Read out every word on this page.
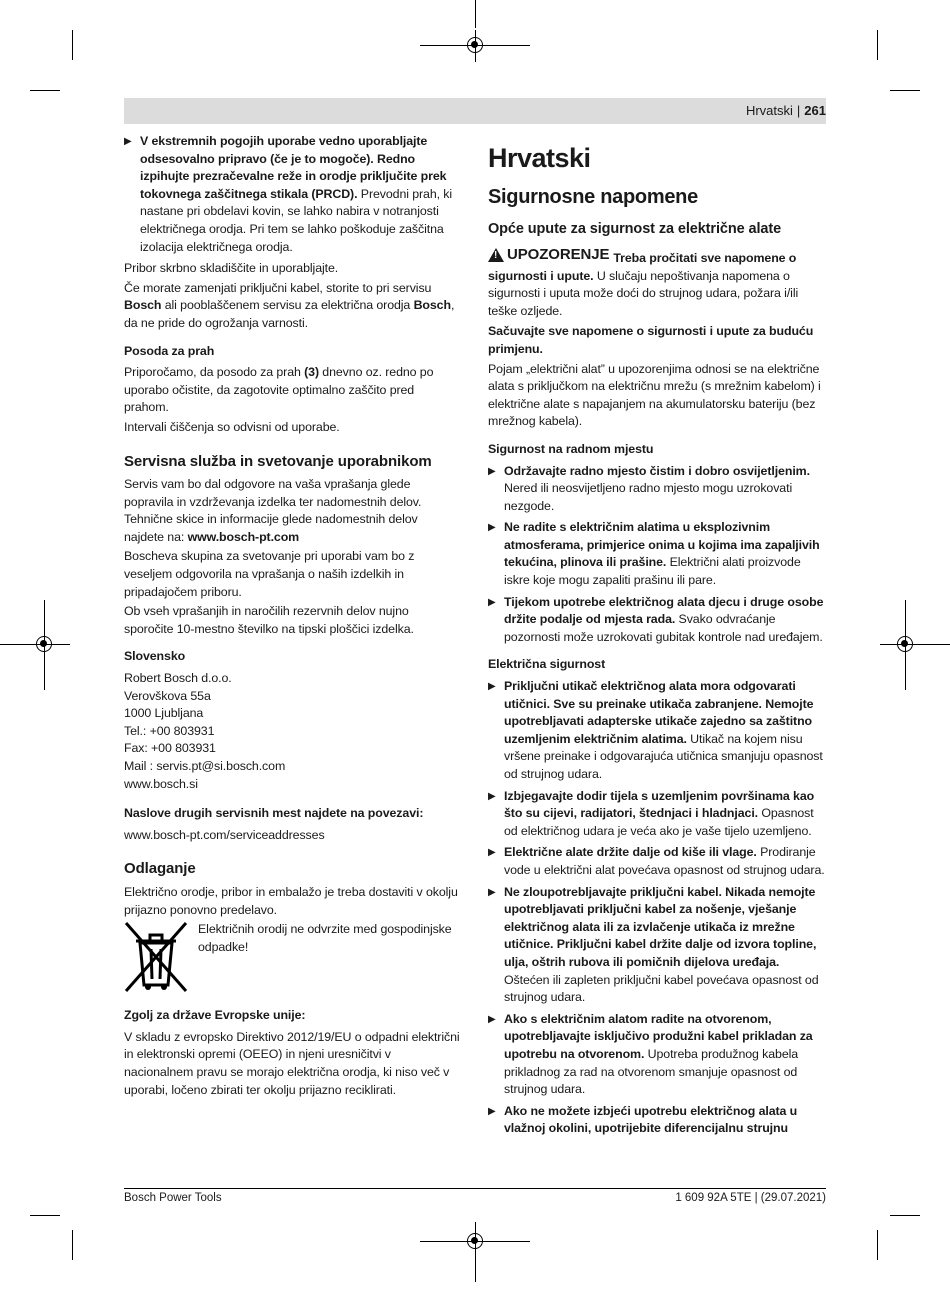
Hrvatski | 261
▶ V ekstremnih pogojih uporabe vedno uporabljajte odsesovalno pripravo (če je to mogoče). Redno izpihujte prezračevalne reže in orodje priključite prek tokovnega zaščitnega stikala (PRCD). Prevodni prah, ki nastane pri obdelavi kovin, se lahko nabira v notranjosti električnega orodja. Pri tem se lahko poškoduje zaščitna izolacija električnega orodja.

Pribor skrbno skladiščite in uporabljajte.

Če morate zamenjati priključni kabel, storite to pri servisu Bosch ali pooblaščenem servisu za električna orodja Bosch, da ne pride do ogrožanja varnosti.

Posoda za prah

Priporočamo, da posodo za prah (3) dnevno oz. redno po uporabo očistite, da zagotovite optimalno zaščito pred prahom.

Intervali čiščenja so odvisni od uporabe.

Servisna služba in svetovanje uporabnikom

Servis vam bo dal odgovore na vaša vprašanja glede popravila in vzdrževanja izdelka ter nadomestnih delov. Tehnične skice in informacije glede nadomestnih delov najdete na: www.bosch-pt.com

Boscheva skupina za svetovanje pri uporabi vam bo z veseljem odgovorila na vprašanja o naših izdelkih in pripadajočem priboru.

Ob vseh vprašanjih in naročilih rezervnih delov nujno sporočite 10-mestno številko na tipski ploščici izdelka.

Slovensko

Robert Bosch d.o.o.

Verovškova 55a

1000 Ljubljana

Tel.: +00 803931

Fax: +00 803931

Mail : servis.pt@si.bosch.com

www.bosch.si

Naslove drugih servisnih mest najdete na povezavi:

www.bosch-pt.com/serviceaddresses

Odlaganje

Električno orodje, pribor in embalažo je treba dostaviti v okolju prijazno ponovno predelavo.

Električnih orodij ne odvrzite med gospodinjske odpadke!

Zgolj za države Evropske unije:

V skladu z evropsko Direktivo 2012/19/EU o odpadni električni in elektronski opremi (OEEO) in njeni uresničitvi v nacionalnem pravu se morajo električna orodja, ki niso več v uporabi, ločeno zbirati ter okolju prijazno reciklirati.

Hrvatski
Sigurnosne napomene
Opće upute za sigurnost za električne alate
!
UPOZORENJE Treba pročitati sve napomene o sigurnosti i upute. U slučaju nepoštivanja napomena o sigurnosti i uputa može doći do strujnog udara, požara i/ili teške ozljede.

Sačuvajte sve napomene o sigurnosti i upute za buduću primjenu.

Pojam „električni alat” u upozorenjima odnosi se na električne alata s priključkom na električnu mrežu (s mrežnim kabelom) i električne alate s napajanjem na akumulatorsku bateriju (bez mrežnog kabela).

Sigurnost na radnom mjestu
▶ Održavajte radno mjesto čistim i dobro osvijetljenim. Nered ili neosvijetljeno radno mjesto mogu uzrokovati nezgode.
▶ Ne radite s električnim alatima u eksplozivnim atmosferama, primjerice onima u kojima ima zapaljivih tekućina, plinova ili prašine. Električni alati proizvode iskre koje mogu zapaliti prašinu ili pare.
▶ Tijekom upotrebe električnog alata djecu i druge osobe držite podalje od mjesta rada. Svako odvraćanje pozornosti može uzrokovati gubitak kontrole nad uređajem.
Električna sigurnost
▶ Priključni utikač električnog alata mora odgovarati utičnici. Sve su preinake utikača zabranjene. Nemojte upotrebljavati adapterske utikače zajedno sa zaštitno uzemljenim električnim alatima. Utikač na kojem nisu vršene preinake i odgovarajuća utičnica smanjuju opasnost od strujnog udara.
▶ Izbjegavajte dodir tijela s uzemljenim površinama kao što su cijevi, radijatori, štednjaci i hladnjaci. Opasnost od električnog udara je veća ako je vaše tijelo uzemljeno.
▶ Električne alate držite dalje od kiše ili vlage. Prodiranje vode u električni alat povećava opasnost od strujnog udara.
▶ Ne zloupotrebljavajte priključni kabel. Nikada nemojte upotrebljavati priključni kabel za nošenje, vješanje električnog alata ili za izvlačenje utikača iz mrežne utičnice. Priključni kabel držite dalje od izvora topline, ulja, oštrih rubova ili pomičnih dijelova uređaja. Oštećen ili zapleten priključni kabel povećava opasnost od strujnog udara.
▶ Ako s električnim alatom radite na otvorenom, upotrebljavajte isključivo produžni kabel prikladan za upotrebu na otvorenom. Upotreba produžnog kabela prikladnog za rad na otvorenom smanjuje opasnost od strujnog udara.
▶ Ako ne možete izbjeći upotrebu električnog alata u vlažnoj okolini, upotrijebite diferencijalnu strujnu
Bosch Power Tools	1 609 92A 5TE | (29.07.2021)
